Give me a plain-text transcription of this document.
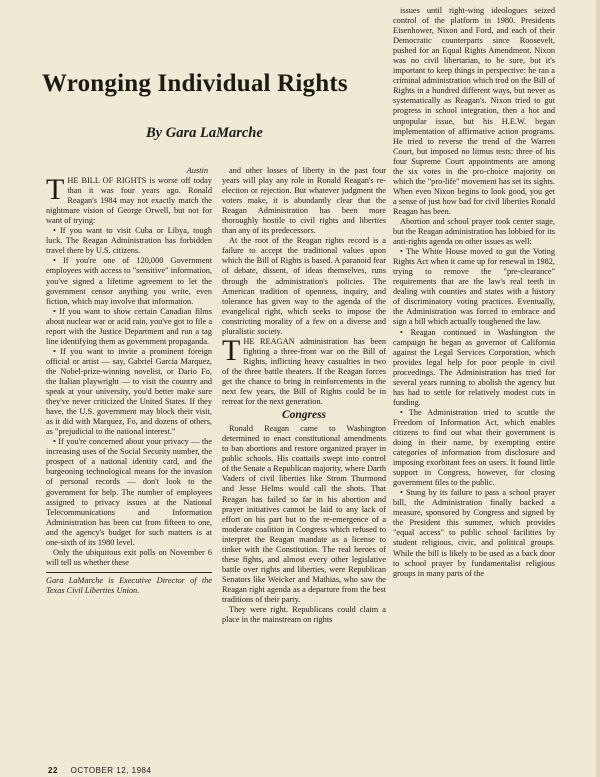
Wronging Individual Rights
By Gara LaMarche

Austin

THE BILL OF RIGHTS is worse off today than it was four years ago. Ronald Reagan's 1984 may not exactly match the nightmare vision of George Orwell, but not for want of trying:

• If you want to visit Cuba or Libya, tough luck. The Reagan Administration has forbidden travel there by U.S. citizens.

• If you're one of 120,000 Government employees with access to "sensitive" information, you've signed a lifetime agreement to let the government censor anything you write, even fiction, which may involve that information.

• If you want to show certain Canadian films about nuclear war or acid rain, you've got to file a report with the Justice Department and run a tag line identifying them as government propaganda.

• If you want to invite a prominent foreign official or artist — say, Gabriel Garcia Marquez, the Nobel-prize-winning novelist, or Dario Fo, the Italian playwright — to visit the country and speak at your university, you'd better make sure they've never criticized the United States. If they have, the U.S. government may block their visit, as it did with Marquez, Fo, and dozens of others, as "prejudicial to the national interest."

• If you're concerned about your privacy — the increasing uses of the Social Security number, the prospect of a national identity card, and the burgeoning technological means for the invasion of personal records — don't look to the government for help. The number of employees assigned to privacy issues at the National Telecommunications and Information Administration has been cut from fifteen to one, and the agency's budget for such matters is at one-sixth of its 1980 level.

Only the ubiquitous exit polls on November 6 will tell us whether these

Gara LaMarche is Executive Director of the Texas Civil Liberties Union.

and other losses of liberty in the past four years will play any role in Ronald Reagan's re-election or rejection. But whatever judgment the voters make, it is abundantly clear that the Reagan Administration has been more thoroughly hostile to civil rights and liberties than any of its predecessors.

At the root of the Reagan rights record is a failure to accept the traditional values upon which the Bill of Rights is based. A paranoid fear of debate, dissent, of ideas themselves, runs through the administration's policies. The American tradition of openness, inquiry, and tolerance has given way to the agenda of the evangelical right, which seeks to impose the constricting morality of a few on a diverse and pluralistic society.

THE REAGAN administration has been fighting a three-front war on the Bill of Rights, inflicting heavy casualties in two of the three battle theaters. If the Reagan forces get the chance to bring in reinforcements in the next few years, the Bill of Rights could be in retreat for the next generation.

Congress

Ronald Reagan came to Washington determined to enact constitutional amendments to ban abortions and restore organized prayer in public schools. His coattails swept into control of the Senate a Republican majority, where Darth Vaders of civil liberties like Strom Thurmond and Jesse Helms would call the shots. That Reagan has failed so far in his abortion and prayer initiatives cannot be laid to any lack of effort on his part but to the re-emergence of a moderate coalition in Congress which refused to interpret the Reagan mandate as a license to tinker with the Constitution. The real heroes of these fights, and almost every other legislative battle over rights and liberties, were Republican Senators like Weicker and Mathias, who saw the Reagan right agenda as a departure from the best traditions of their party.

They were right. Republicans could claim a place in the mainstream on rights

issues until right-wing ideologues seized control of the platform in 1980. Presidents Eisenhower, Nixon and Ford, and each of their Democratic counterparts since Roosevelt, pushed for an Equal Rights Amendment. Nixon was no civil libertarian, to be sure, but it's important to keep things in perspective: he ran a criminal administration which trod on the Bill of Rights in a hundred different ways, but never as systematically as Reagan's. Nixon tried to gut progress in school integration, then a hot and unpopular issue, but his H.E.W. began implementation of affirmative action programs. He tried to reverse the trend of the Warren Court, but imposed no litmus tests: three of his four Supreme Court appointments are among the six votes in the pro-choice majority on which the "pro-life" movement has set its sights. When even Nixon begins to look good, you get a sense of just how bad for civil liberties Ronald Reagan has been.

Abortion and school prayer took center stage, but the Reagan administration has lobbied for its anti-rights agenda on other issues as well:

• The White House moved to gut the Voting Rights Act when it came up for renewal in 1982, trying to remove the "pre-clearance" requirements that are the law's real teeth in dealing with counties and states with a history of discriminatory voting practices. Eventually, the Administration was forced to embrace and sign a bill which actually toughened the law.

• Reagan continued in Washington the campaign he began as governor of California against the Legal Services Corporation, which provides legal help for poor people in civil proceedings. The Administration has tried for several years running to abolish the agency but has had to settle for relatively modest cuts in funding.

• The Administration tried to scuttle the Freedom of Information Act, which enables citizens to find out what their government is doing in their name, by exempting entire categories of information from disclosure and imposing exorbitant fees on users. It found little support in Congress, however, for closing government files to the public.

• Stung by its failure to pass a school prayer bill, the Administration finally backed a measure, sponsored by Congress and signed by the President this summer, which provides "equal access" to public school facilities by student religious, civic, and political groups. While the bill is likely to be used as a back door to school prayer by fundamentalist religious groups in many parts of the

22 OCTOBER 12, 1984
